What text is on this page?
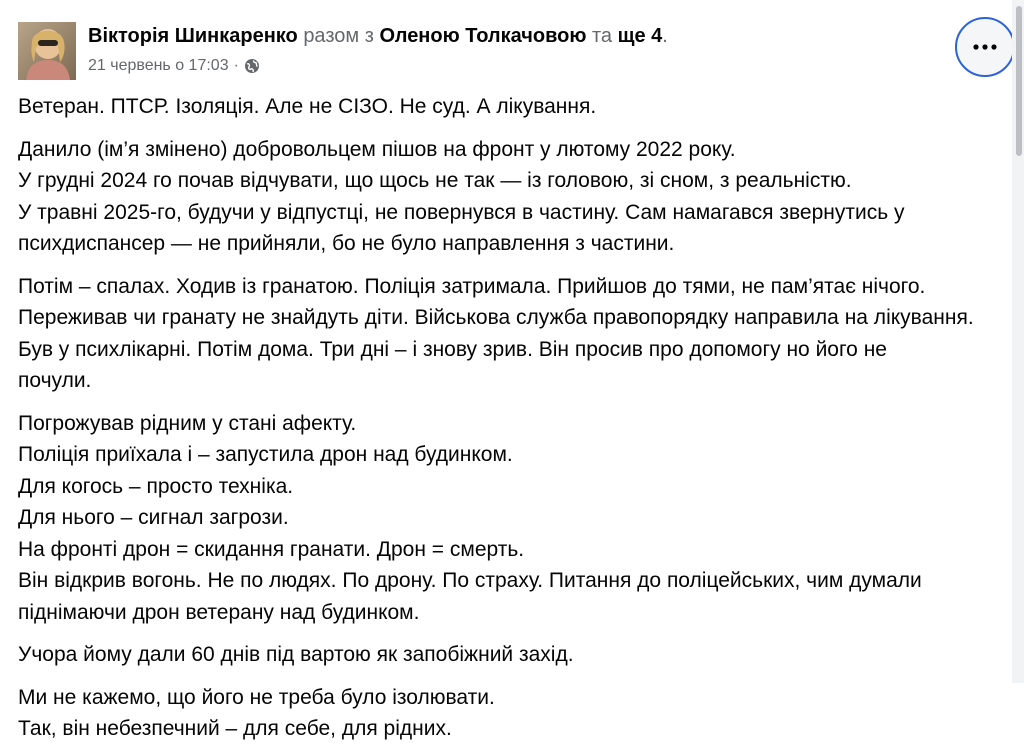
Вікторія Шинкаренко разом з Оленою Толкачовою та ще 4.
21 червень о 17:03 ·
Ветеран. ПТСР. Ізоляція. Але не СІЗО. Не суд. А лікування.
Данило (ім’я змінено) добровольцем пішов на фронт у лютому 2022 року.
У грудні 2024 го почав відчувати, що щось не так — із головою, зі сном, з реальністю.
У травні 2025-го, будучи у відпустці, не повернувся в частину. Сам намагався звернутись у
психдиспансер — не прийняли, бо не було направлення з частини.
Потім – спалах. Ходив із гранатою. Поліція затримала. Прийшов до тями, не пам’ятає нічого.
Переживав чи гранату не знайдуть діти. Військова служба правопорядку направила на лікування.
Був у психлікарні. Потім дома. Три дні – і знову зрив. Він просив про допомогу но його не
почули.
Погрожував рідним у стані афекту.
Поліція приїхала і – запустила дрон над будинком.
Для когось – просто техніка.
Для нього – сигнал загрози.
На фронті дрон = скидання гранати. Дрон = смерть.
Він відкрив вогонь. Не по людях. По дрону. По страху. Питання до поліцейських, чим думали
піднімаючи дрон ветерану над будинком.
Учора йому дали 60 днів під вартою як запобіжний захід.
Ми не кажемо, що його не треба було ізолювати.
Так, він небезпечний – для себе, для рідних.
